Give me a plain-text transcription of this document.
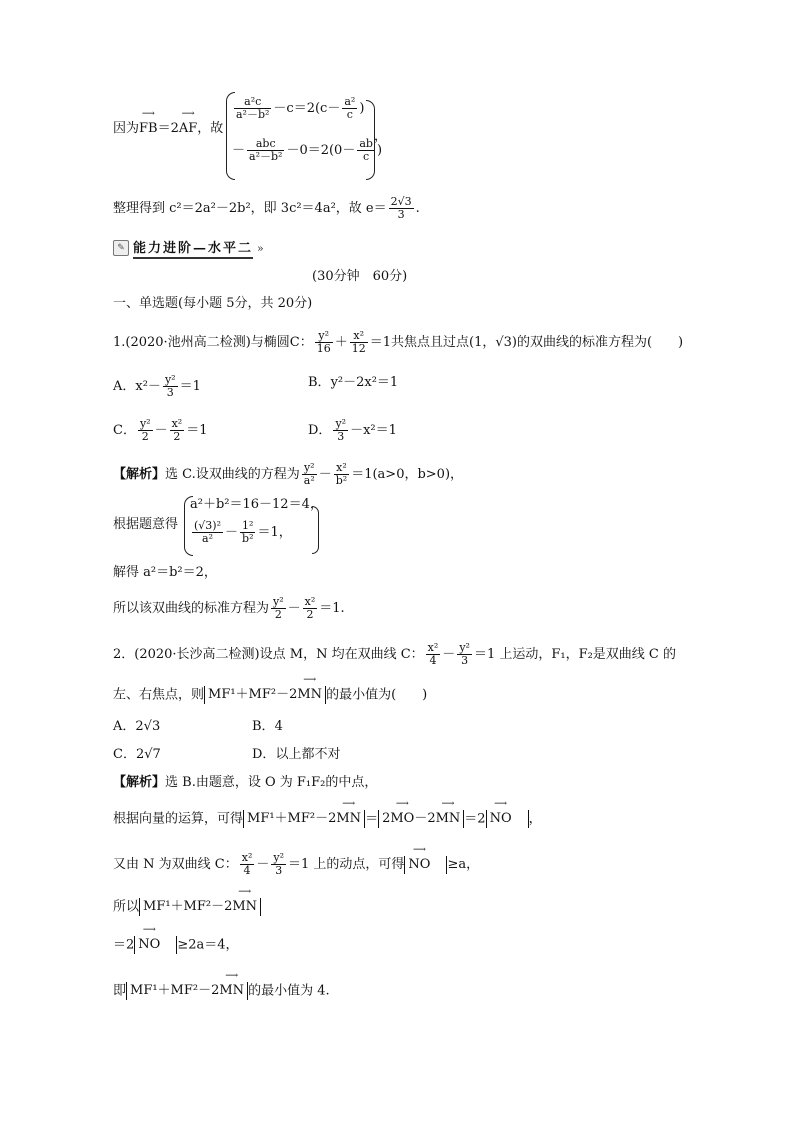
因为⟶ FB＝2⟶ AF，故
$\frac{\text{a²c}}{\text{a²－b²}} -c=2(c- \frac{\text{a²}}{c}$ )
－ $\frac{\text{abc}}{\text{a²－b²}} -0=2(0- \frac{ab}{c}$ )
，
整理得到 c²＝2a²－2b²，即 3c²＝4a²，故 $e= \frac{2√3}{3}$ .
✎ 能力进阶—水平二 »
(30分钟　60分)
一、单选题(每小题 5分，共 20分)
1.(2020·池州高二检测)与椭圆C： $\frac{\text{y²}}{16} + \frac{\text{x²}}{12} =1$共焦点且过点(1，√3)的双曲线的标准方程为(　　)
A．$x^2- \frac{\text{y²}}{3} =1$	B．y²－2x²＝1
C． $\frac{\text{y²}}{2} - \frac{\text{x²}}{2} =1$	D． $\frac{\text{y²}}{3} -x^2=1$
【解析】选 C.设双曲线的方程为 $\frac{\text{y²}}{\text{a²}} - \frac{\text{x²}}{\text{b²}} =1(a>0$，b>0)，
根据题意得
a²＋b²＝16－12＝4，
$\frac{\text{(√3)²}}{\text{a²}} - \frac{\text{1²}}{\text{b²}} =1$，
解得 a²＝b²＝2，
所以该双曲线的标准方程为 $\frac{\text{y²}}{2} - \frac{\text{x²}}{2} =1$.
2．(2020·长沙高二检测)设点 M，N 均在双曲线 C： $\frac{\text{x²}}{4} - \frac{\text{y²}}{3} =1$ 上运动，F₁，F₂是双曲线 C 的
左、右焦点，则 MF¹＋MF²－2⟶ MN 的最小值为(　　)
A．2√3	B．4
C．2√7	D．以上都不对
【解析】选 B.由题意，设 O 为 F₁F₂的中点，
根据向量的运算，可得 MF¹＋MF²－2⟶ MN ＝ 2⟶ MO－2⟶ MN ＝2 ⟶ NO  ，
又由 N 为双曲线 C： $\frac{\text{x²}}{4} - \frac{\text{y²}}{3} =1$ 上的动点，可得 ⟶ NO  ≥a，
所以 MF¹＋MF²－2⟶ MN
＝2 ⟶ NO  ≥2a＝4，
即 MF¹＋MF²－2⟶ MN 的最小值为 4.
